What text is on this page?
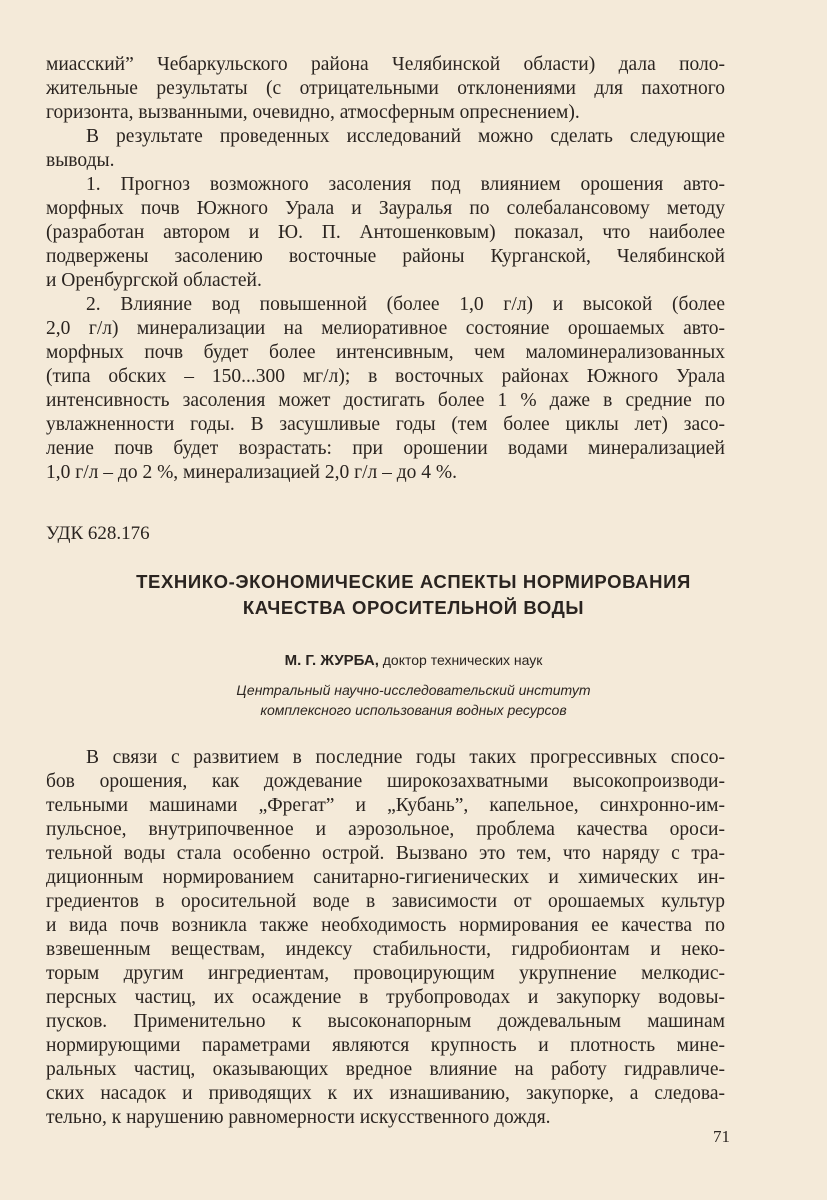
миасский” Чебаркульского района Челябинской области) дала поло-
жительные результаты (с отрицательными отклонениями для пахотного
горизонта, вызванными, очевидно, атмосферным опреснением).
В результате проведенных исследований можно сделать следующие
выводы.
1. Прогноз возможного засоления под влиянием орошения авто-
морфных почв Южного Урала и Зауралья по солебалансовому методу
(разработан автором и Ю. П. Антошенковым) показал, что наиболее
подвержены засолению восточные районы Курганской, Челябинской
и Оренбургской областей.
2. Влияние вод повышенной (более 1,0 г/л) и высокой (более
2,0 г/л) минерализации на мелиоративное состояние орошаемых авто-
морфных почв будет более интенсивным, чем маломинерализованных
(типа обских – 150...300 мг/л); в восточных районах Южного Урала
интенсивность засоления может достигать более 1 % даже в средние по
увлажненности годы. В засушливые годы (тем более циклы лет) засо-
ление почв будет возрастать: при орошении водами минерализацией
1,0 г/л – до 2 %, минерализацией 2,0 г/л – до 4 %.
УДК 628.176
ТЕХНИКО-ЭКОНОМИЧЕСКИЕ АСПЕКТЫ НОРМИРОВАНИЯ
КАЧЕСТВА ОРОСИТЕЛЬНОЙ ВОДЫ
М. Г. ЖУРБА, доктор технических наук
Центральный научно-исследовательский институт
комплексного использования водных ресурсов
В связи с развитием в последние годы таких прогрессивных спосо-
бов орошения, как дождевание широкозахватными высокопроизводи-
тельными машинами „Фрегат” и „Кубань”, капельное, синхронно-им-
пульсное, внутрипочвенное и аэрозольное, проблема качества ороси-
тельной воды стала особенно острой. Вызвано это тем, что наряду с тра-
диционным нормированием санитарно-гигиенических и химических ин-
гредиентов в оросительной воде в зависимости от орошаемых культур
и вида почв возникла также необходимость нормирования ее качества по
взвешенным веществам, индексу стабильности, гидробионтам и неко-
торым другим ингредиентам, провоцирующим укрупнение мелкодис-
персных частиц, их осаждение в трубопроводах и закупорку водовы-
пусков. Применительно к высоконапорным дождевальным машинам
нормирующими параметрами являются крупность и плотность мине-
ральных частиц, оказывающих вредное влияние на работу гидравличе-
ских насадок и приводящих к их изнашиванию, закупорке, а следова-
тельно, к нарушению равномерности искусственного дождя.
71
